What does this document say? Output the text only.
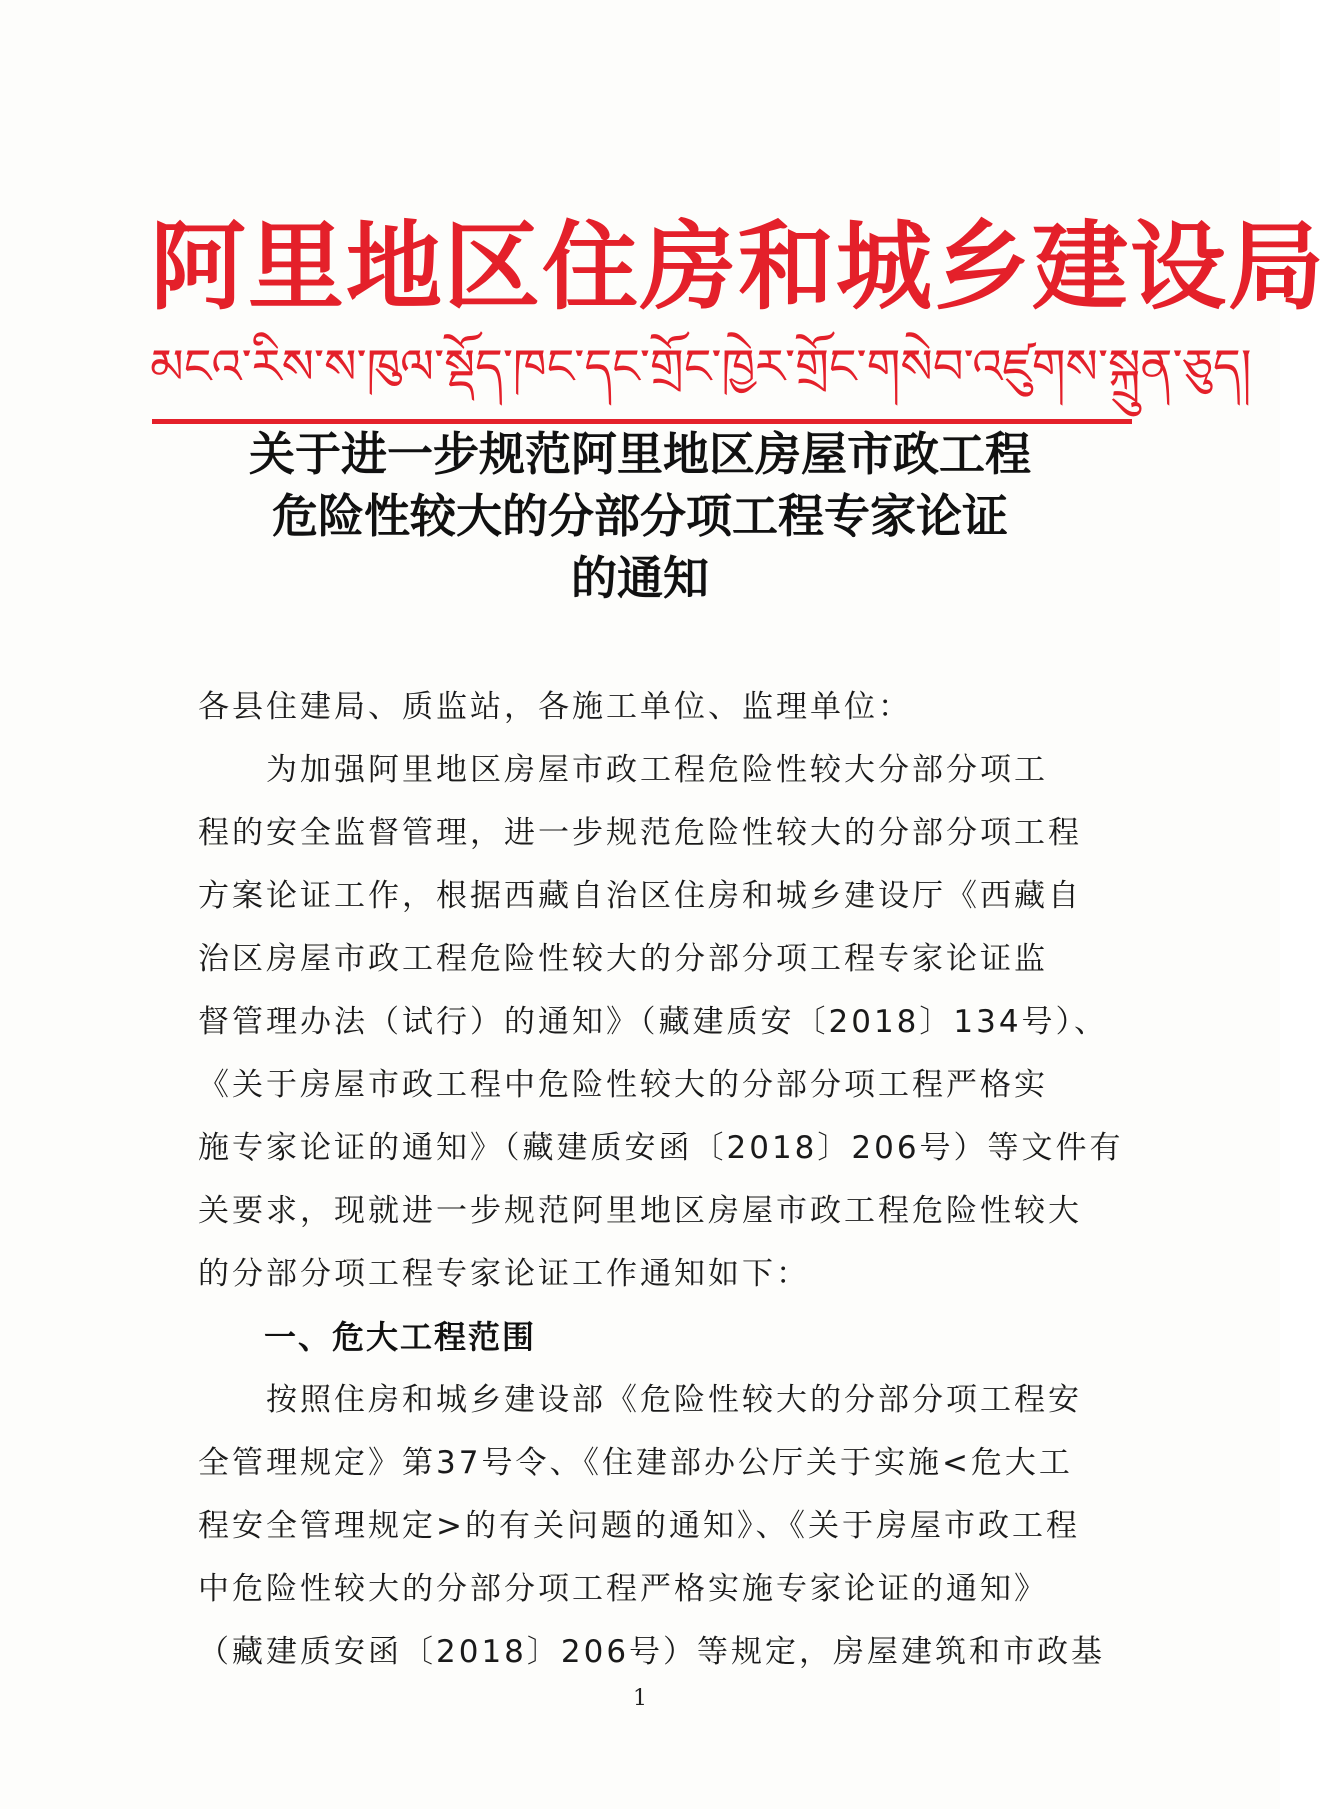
阿里地区住房和城乡建设局
མངའ་རིས་ས་ཁུལ་སྡོད་ཁང་དང་གྲོང་ཁྱེར་གྲོང་གསེབ་འཛུགས་སྐྲུན་ཅུད།
关于进一步规范阿里地区房屋市政工程
危险性较大的分部分项工程专家论证
的通知
各县住建局、质监站，各施工单位、监理单位：
　　为加强阿里地区房屋市政工程危险性较大分部分项工
程的安全监督管理，进一步规范危险性较大的分部分项工程
方案论证工作，根据西藏自治区住房和城乡建设厅《西藏自
治区房屋市政工程危险性较大的分部分项工程专家论证监
督管理办法（试行）的通知》（藏建质安〔2018〕134号）、
《关于房屋市政工程中危险性较大的分部分项工程严格实
施专家论证的通知》（藏建质安函〔2018〕206号）等文件有
关要求，现就进一步规范阿里地区房屋市政工程危险性较大
的分部分项工程专家论证工作通知如下：
一、危大工程范围
　　按照住房和城乡建设部《危险性较大的分部分项工程安
全管理规定》第37号令、《住建部办公厅关于实施<危大工
程安全管理规定>的有关问题的通知》、《关于房屋市政工程
中危险性较大的分部分项工程严格实施专家论证的通知》
（藏建质安函〔2018〕206号）等规定，房屋建筑和市政基
1
